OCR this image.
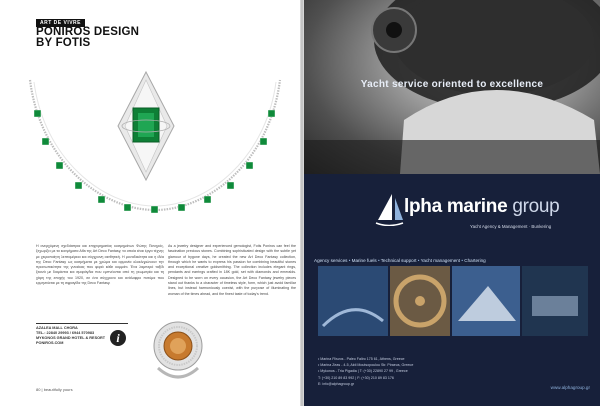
ART DE VIVRE
PONIROS DESIGN
BY FOTIS
Η ανερχόμενη σχεδιάστρια και επιχειρηματίας κοσμημάτων Φώτης Πονηρός, ξεχωρίζει με τα κοσμήματα Alfa της Art Deco Fantasy, τα οποία είναι έργα τέχνης με χειροποίητη λεπτομέρεια και σύγχρονη αισθητική. Η μοναδικότητα και η ιδέα της Deco Fantasy ως κοσμήματα με χρώμα και αρμονία ολοκληρώνουν την προσωπικότητα της γυναίκας που φορά κάθε κομμάτι. Ένα λαμπερό ταξίδι ξεκινά με διαμάντια και σμαράγδια που εμπνέονται από τη γεωμετρία και τη χάρη της εποχής του 1920, σε ένα σύγχρονο και ανάλαφρο πνεύμα που ερμηνεύεται με τη σφραγίδα της Deco Fantasy.
As a jewelry designer and experienced gemologist, Fotis Poniros can feel the fascination precious stones. Combining sophisticated design with the subtle yet glamour of bygone days, he created the new Art Deco Fantasy collection, through which he wants to express his passion for combining beautiful stones and exceptional creative goldsmithing. The collection includes elegant rings, pendants and earrings crafted in 18K gold, set with diamonds and emeralds. Designed to be worn on every occasion, the Art Deco Fantasy jewelry pieces stand out thanks to a character of timeless style, form, which just avoid familiar lines, but instead harmoniously coexist, with the purpose of illuminating the woman of the times ahead, and the finest taste of today's trend.
AZALEA MALL CHORA
TEL.: 22840 29993 / 6944 570983
MYKONOS GRAND HOTEL & RESORT
PONIROS.COM	i
80 | beautifully yours
Yacht service oriented to excellence
lpha marine group
Yacht Agency & Management · Bunkering
Agency services • Marine fuels • Technical support • Yacht management • Chartering
• Marina Flisvos - Paleo Faliro 175 61, Athens, Greece
• Marina Zeas - 4-5, Akti Moutsopoulou Str. Piraeus, Greece
• Mykonos - Tria Pigadia | T: (+30) 22890 27 99 , Greece
T: (+30) 210 89 83 992 | F: (+30) 210 89 83 176
E: info@alphagroup.gr
www.alphagroup.gr
